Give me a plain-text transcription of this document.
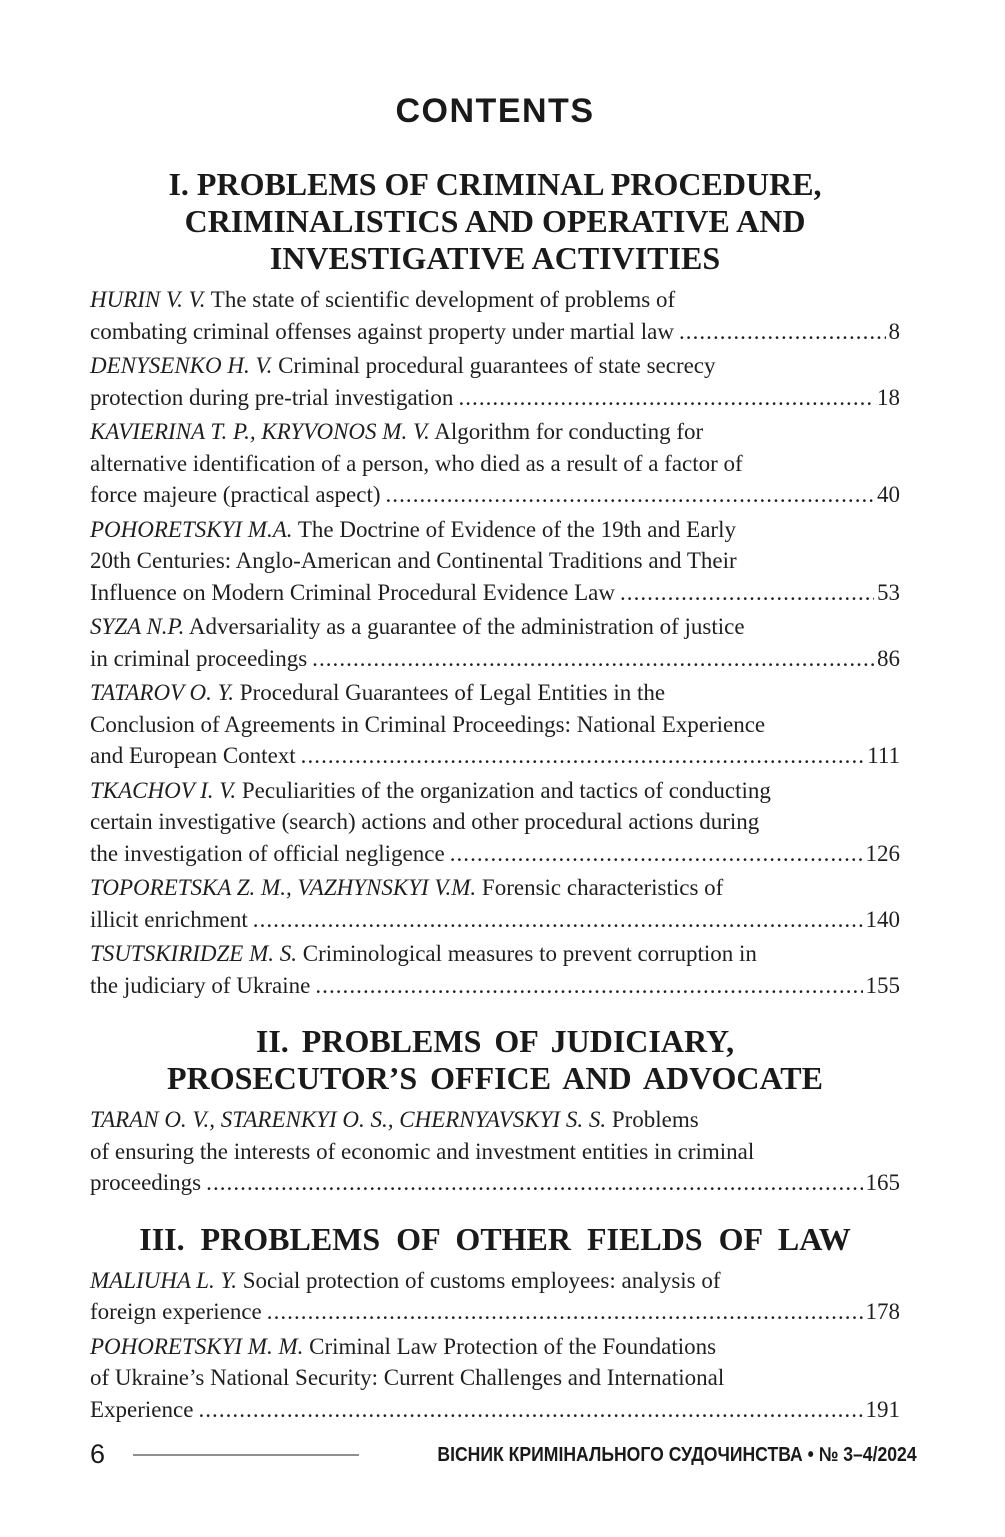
CONTENTS
I. PROBLEMS OF CRIMINAL PROCEDURE,
CRIMINALISTICS AND OPERATIVE AND
INVESTIGATIVE ACTIVITIES
HURIN V. V. The state of scientific development of problems of
combating criminal offenses against property under martial law .....	8
DENYSENKO H. V. Criminal procedural guarantees of state secrecy
protection during pre-trial investigation .....	18
KAVIERINA T. P., KRYVONOS M. V. Algorithm for conducting for
alternative identification of a person, who died as a result of a factor of
force majeure (practical aspect) .....	40
POHORETSKYI M.A. The Doctrine of Evidence of the 19th and Early
20th Centuries: Anglo-American and Continental Traditions and Their
Influence on Modern Criminal Procedural Evidence Law .....	53
SYZA N.P. Adversariality as a guarantee of the administration of justice
in criminal proceedings .....	86
TATAROV O. Y. Procedural Guarantees of Legal Entities in the
Conclusion of Agreements in Criminal Proceedings: National Experience
and European Context .....	111
TKACHOV I. V. Peculiarities of the organization and tactics of conducting
certain investigative (search) actions and other procedural actions during
the investigation of official negligence .....	126
TOPORETSKA Z. M., VAZHYNSKYI V.M. Forensic characteristics of
illicit enrichment .....	140
TSUTSKIRIDZE M. S. Criminological measures to prevent corruption in
the judiciary of Ukraine .....	155
II. PROBLEMS OF JUDICIARY,
PROSECUTOR’S OFFICE AND ADVOCATE
TARAN O. V., STARENKYI O. S., CHERNYAVSKYI S. S. Problems
of ensuring the interests of economic and investment entities in criminal
proceedings .....	165
III. PROBLEMS OF OTHER FIELDS OF LAW
MALIUHA L. Y. Social protection of customs employees: analysis of
foreign experience .....	178
POHORETSKYI M. M. Criminal Law Protection of the Foundations
of Ukraine’s National Security: Current Challenges and International
Experience .....	191
6	ВІСНИК КРИМІНАЛЬНОГО СУДОЧИНСТВА • № 3–4/2024
